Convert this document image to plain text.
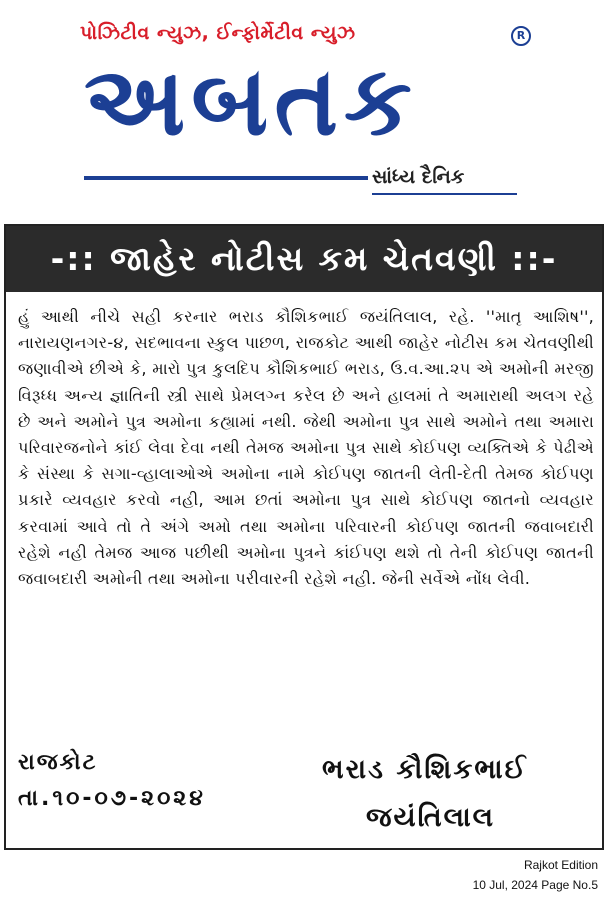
પોઝિટીવ ન્યુઝ, ઈન્ફોર્મેટીવ ન્યુઝ	R
અબતક
સાંધ્ય દૈનિક
-:: જાહેર નોટીસ કમ ચેતવણી ::-
હું આથી નીચે સહી કરનાર ભરાડ કૌશિકભાઈ જયંતિલાલ, રહે. ''માતૃ આશિષ'', નારાયણનગર-૪, સદભાવના સ્કુલ પાછળ, રાજકોટ આથી જાહેર નોટીસ કમ ચેતવણીથી જણાવીએ છીએ કે, મારો પુત્ર કુલદિપ કૌશિકભાઈ ભરાડ, ઉ.વ.આ.૨૫ એ અમોની મરજી વિરૂધ્ધ અન્ય જ્ઞાતિની સ્ત્રી સાથે પ્રેમલગ્ન કરેલ છે અને હાલમાં તે અમારાથી અલગ રહે છે અને અમોને પુત્ર અમોના કહ્યામાં નથી. જેથી અમોના પુત્ર સાથે અમોને તથા અમારા પરિવારજનોને કાંઈ લેવા દેવા નથી તેમજ અમોના પુત્ર સાથે કોઈપણ વ્યક્તિએ કે પેઢીએ કે સંસ્થા કે સગા-વ્હાલાઓએ અમોના નામે કોઈપણ જાતની લેતી-દેતી તેમજ કોઈપણ પ્રકારે વ્યવહાર કરવો નહી, આમ છતાં અમોના પુત્ર સાથે કોઈપણ જાતનો વ્યવહાર કરવામાં આવે તો તે અંગે અમો તથા અમોના પરિવારની કોઈપણ જાતની જવાબદારી રહેશે નહી તેમજ આજ પછીથી અમોના પુત્રને કાંઈપણ થશે તો તેની કોઈપણ જાતની જવાબદારી અમોની તથા અમોના પરીવારની રહેશે નહી. જેની સર્વેએ નોંધ લેવી.
રાજકોટ
તા.૧૦-૦૭-૨૦૨૪
ભરાડ કૌશિકભાઈ
જયંતિલાલ
Rajkot Edition
10 Jul, 2024 Page No.5
